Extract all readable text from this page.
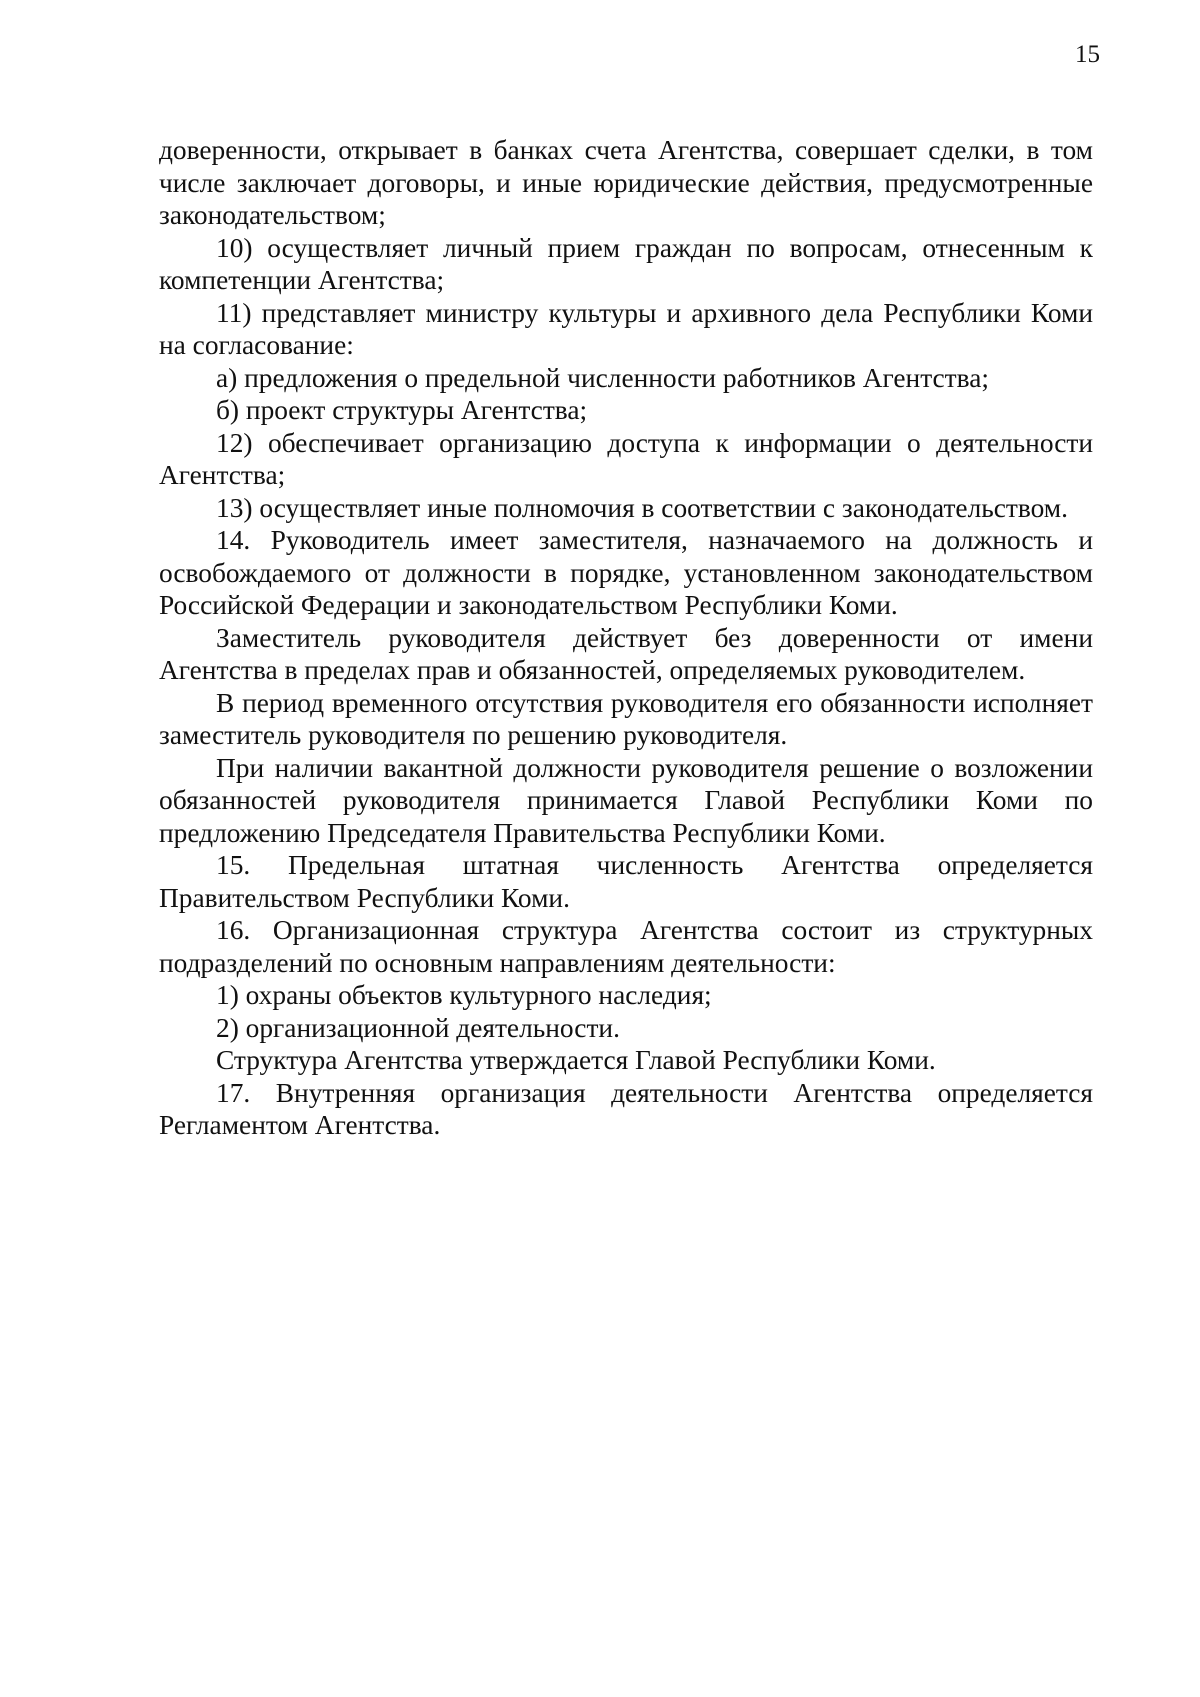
15

доверенности, открывает в банках счета Агентства, совершает сделки, в том числе заключает договоры, и иные юридические действия, предусмотренные законодательством;

10) осуществляет личный прием граждан по вопросам, отнесенным к компетенции Агентства;

11) представляет министру культуры и архивного дела Республики Коми на согласование:

а) предложения о предельной численности работников Агентства;

б) проект структуры Агентства;

12) обеспечивает организацию доступа к информации о деятельности Агентства;

13) осуществляет иные полномочия в соответствии с законодательством.

14. Руководитель имеет заместителя, назначаемого на должность и освобождаемого от должности в порядке, установленном законодательством Российской Федерации и законодательством Республики Коми.

Заместитель руководителя действует без доверенности от имени Агентства в пределах прав и обязанностей, определяемых руководителем.

В период временного отсутствия руководителя его обязанности исполняет заместитель руководителя по решению руководителя.

При наличии вакантной должности руководителя решение о возложении обязанностей руководителя принимается Главой Республики Коми по предложению Председателя Правительства Республики Коми.

15. Предельная штатная численность Агентства определяется Правительством Республики Коми.

16. Организационная структура Агентства состоит из структурных подразделений по основным направлениям деятельности:

1) охраны объектов культурного наследия;

2) организационной деятельности.

Структура Агентства утверждается Главой Республики Коми.

17. Внутренняя организация деятельности Агентства определяется Регламентом Агентства.
